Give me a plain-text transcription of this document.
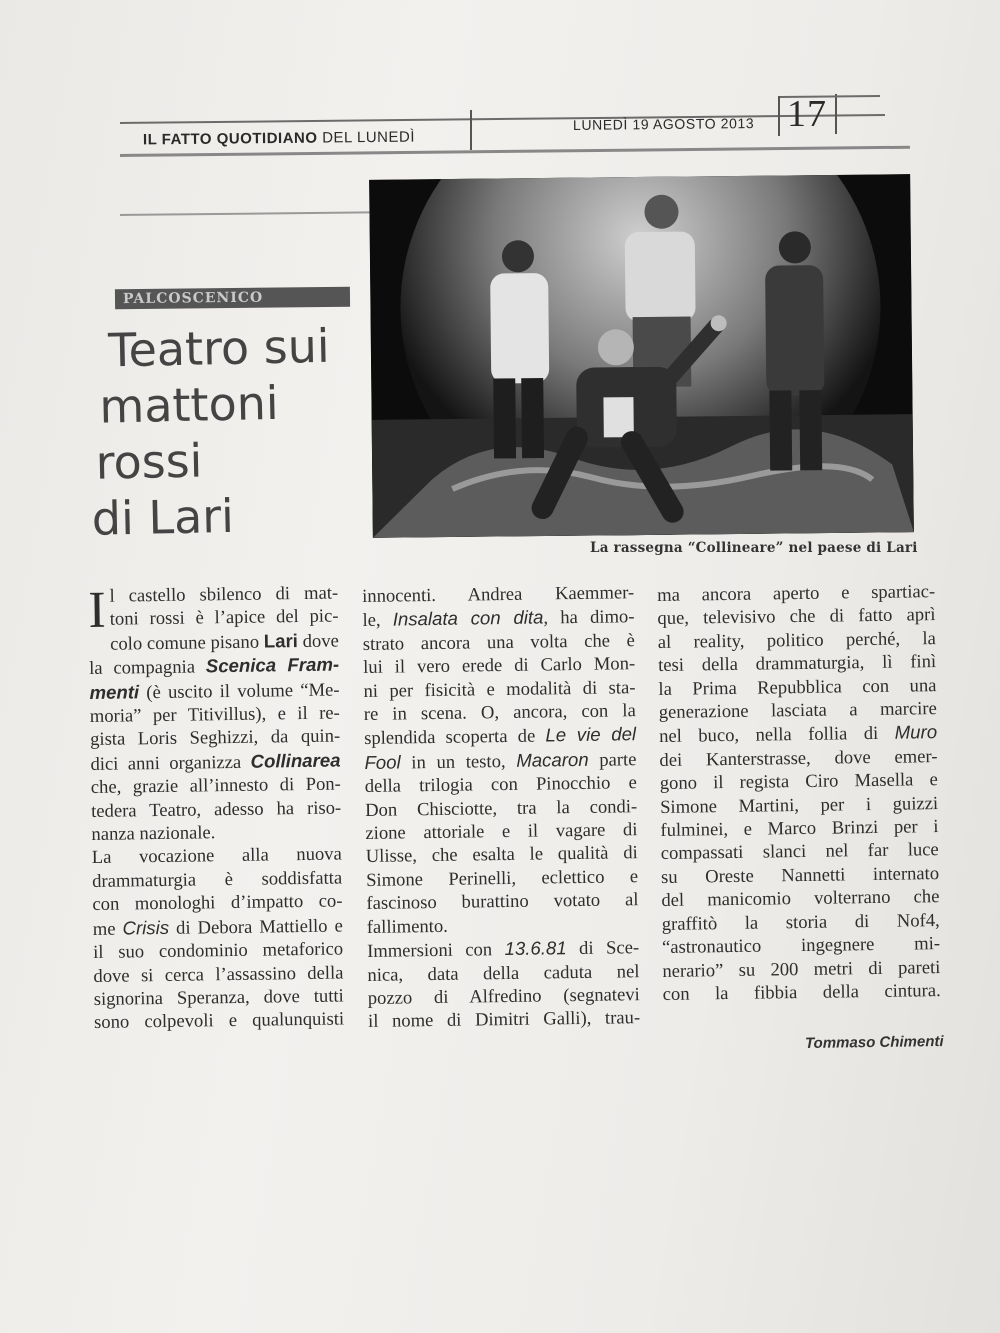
IL FATTO QUOTIDIANO DEL LUNEDÌ
LUNEDÌ 19 AGOSTO 2013 17
La rassegna “Collineare” nel paese di Lari
PALCOSCENICO
Teatro sui
mattoni
rossi
di Lari
I l castello sbilenco di mat-

toni rossi è l’apice del pic-

colo comune pisano Lari dove

la compagnia Scenica Fram-

menti (è uscito il volume “Me-

moria” per Titivillus), e il re-

gista Loris Seghizzi, da quin-

dici anni organizza Collinarea

che, grazie all’innesto di Pon-

tedera Teatro, adesso ha riso-

nanza nazionale.

La vocazione alla nuova

drammaturgia è soddisfatta

con monologhi d’impatto co-

me Crisis di Debora Mattiello e

il suo condominio metaforico

dove si cerca l’assassino della

signorina Speranza, dove tutti

sono colpevoli e qualunquisti

innocenti. Andrea Kaemmer-

le, Insalata con dita, ha dimo-

strato ancora una volta che è

lui il vero erede di Carlo Mon-

ni per fisicità e modalità di sta-

re in scena. O, ancora, con la

splendida scoperta de Le vie del

Fool in un testo, Macaron parte

della trilogia con Pinocchio e

Don Chisciotte, tra la condi-

zione attoriale e il vagare di

Ulisse, che esalta le qualità di

Simone Perinelli, eclettico e

fascinoso burattino votato al

fallimento.

Immersioni con 13.6.81 di Sce-

nica, data della caduta nel

pozzo di Alfredino (segnatevi

il nome di Dimitri Galli), trau-

ma ancora aperto e spartiac-

que, televisivo che di fatto aprì

al reality, politico perché, la

tesi della drammaturgia, lì finì

la Prima Repubblica con una

generazione lasciata a marcire

nel buco, nella follia di Muro

dei Kanterstrasse, dove emer-

gono il regista Ciro Masella e

Simone Martini, per i guizzi

fulminei, e Marco Brinzi per i

compassati slanci nel far luce

su Oreste Nannetti internato

del manicomio volterrano che

graffitò la storia di Nof4,

“astronautico ingegnere mi-

nerario” su 200 metri di pareti

con la fibbia della cintura.

Tommaso Chimenti
